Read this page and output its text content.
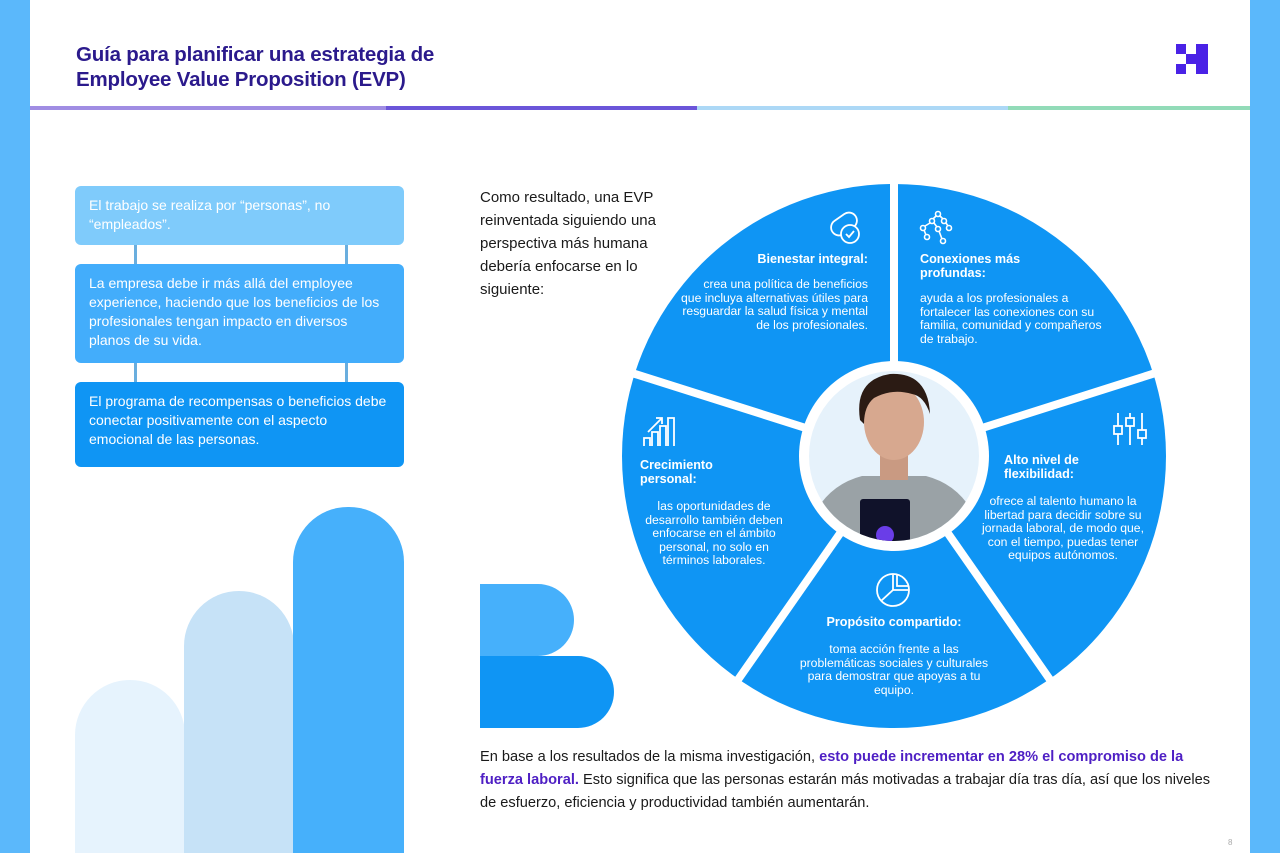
Guía para planificar una estrategia de
Employee Value Proposition (EVP)
El trabajo se realiza por “personas”, no “empleados”.
La empresa debe ir más allá del employee experience, haciendo que los beneficios de los profesionales tengan impacto en diversos planos de su vida.
El programa de recompensas o beneficios debe conectar positivamente con el aspecto emocional de las personas.

Como resultado, una EVP reinventada siguiendo una perspectiva más humana debería enfocarse en lo siguiente:

Bienestar integral:
crea una política de beneficios que incluya alternativas útiles para resguardar la salud física y mental de los profesionales.
Conexiones más profundas:
ayuda a los profesionales a fortalecer las conexiones con su familia, comunidad y compañeros de trabajo.
Alto nivel de flexibilidad:
ofrece al talento humano la libertad para decidir sobre su jornada laboral, de modo que, con el tiempo, puedas tener equipos autónomos.
Propósito compartido:
toma acción frente a las problemáticas sociales y culturales para demostrar que apoyas a tu equipo.
Crecimiento personal:
las oportunidades de desarrollo también deben enfocarse en el ámbito personal, no solo en términos laborales.

En base a los resultados de la misma investigación, esto puede incrementar en 28% el compromiso de la fuerza laboral. Esto significa que las personas estarán más motivadas a trabajar día tras día, así que los niveles de esfuerzo, eficiencia y productividad también aumentarán.

8
